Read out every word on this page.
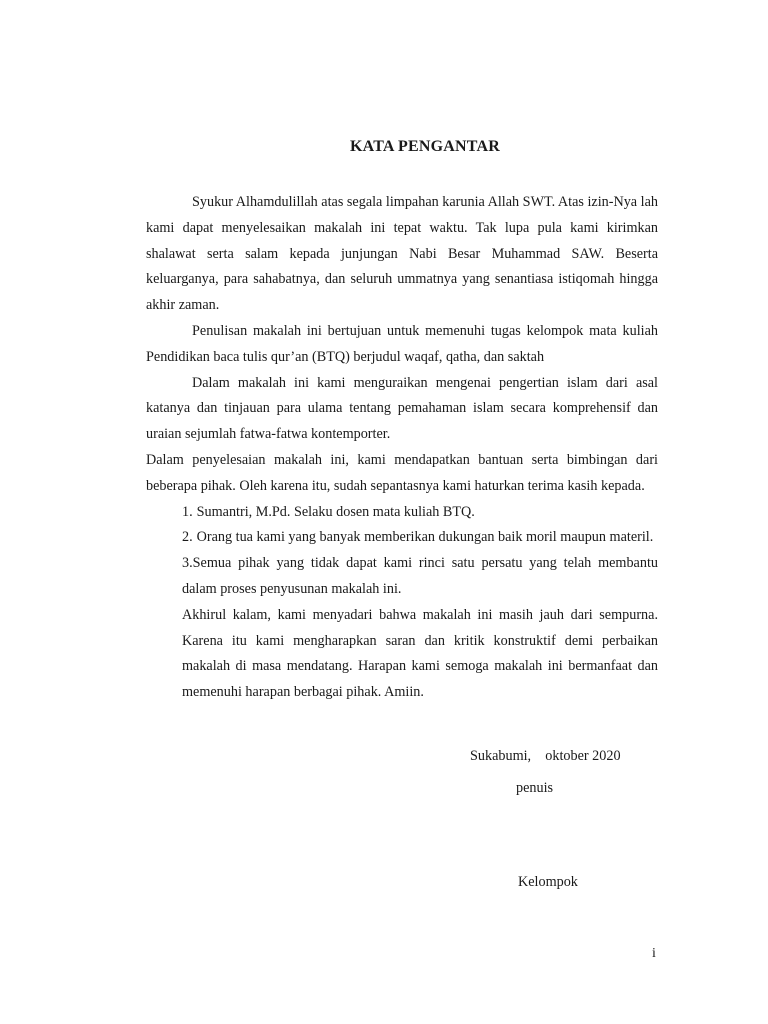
KATA PENGANTAR

Syukur Alhamdulillah atas segala limpahan karunia Allah SWT. Atas izin-Nya lah kami dapat menyelesaikan makalah ini tepat waktu. Tak lupa pula kami kirimkan shalawat serta salam kepada junjungan Nabi Besar Muhammad SAW. Beserta keluarganya, para sahabatnya, dan seluruh ummatnya yang senantiasa istiqomah hingga akhir zaman.

Penulisan makalah ini bertujuan untuk memenuhi tugas kelompok mata kuliah Pendidikan baca tulis qur’an (BTQ) berjudul waqaf, qatha, dan saktah

Dalam makalah ini kami menguraikan mengenai pengertian islam dari asal katanya dan tinjauan para ulama tentang pemahaman islam secara komprehensif dan uraian sejumlah fatwa-fatwa kontemporter.

Dalam penyelesaian makalah ini, kami mendapatkan bantuan serta bimbingan dari beberapa pihak. Oleh karena itu, sudah sepantasnya kami haturkan terima kasih kepada.

1. Sumantri, M.Pd. Selaku dosen mata kuliah BTQ.
2. Orang tua kami yang banyak memberikan dukungan baik moril maupun materil.
3.Semua pihak yang tidak dapat kami rinci satu persatu yang telah membantu dalam proses penyusunan makalah ini.

Akhirul kalam, kami menyadari bahwa makalah ini masih jauh dari sempurna. Karena itu kami mengharapkan saran dan kritik konstruktif demi perbaikan makalah di masa mendatang. Harapan kami semoga makalah ini bermanfaat dan memenuhi harapan berbagai pihak. Amiin.

Sukabumi,    oktober 2020
penuis
Kelompok
i
